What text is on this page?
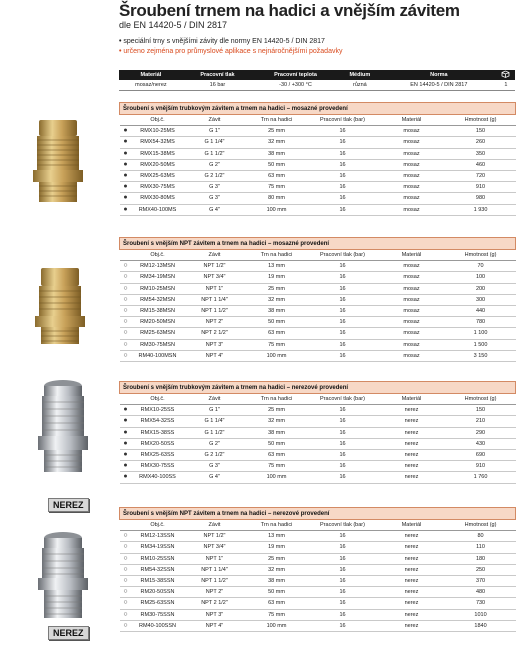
Šroubení trnem na hadici a vnějším závitem
dle EN 14420-5 / DIN 2817
• speciální trny s vnějšími závity dle normy EN 14420-5 / DIN 2817
• určeno zejména pro průmyslové aplikace s nejnáročnějšími požadavky
Materiál	Pracovní tlak	Pracovní teplota	Médium	Norma	
mosaz/nerez	16 bar	-30 / +300 °C	různá	EN 14420-5 / DIN 2817	1
Šroubení s vnějším trubkovým závitem a trnem na hadici – mosazné provedení						
	Obj.č.	Závit	Trn na hadici	Pracovní tlak (bar)	Materiál	Hmotnost (g)
●	RMX10-25MS	G 1"	25 mm	16	mosaz	150
●	RMX54-32MS	G 1 1/4"	32 mm	16	mosaz	260
●	RMX15-38MS	G 1 1/2"	38 mm	16	mosaz	350
●	RMX20-50MS	G 2"	50 mm	16	mosaz	460
●	RMX25-63MS	G 2 1/2"	63 mm	16	mosaz	720
●	RMX30-75MS	G 3"	75 mm	16	mosaz	910
●	RMX30-80MS	G 3"	80 mm	16	mosaz	980
●	RMX40-100MS	G 4"	100 mm	16	mosaz	1 930
Šroubení s vnějším NPT závitem a trnem na hadici – mosazné provedení						
	Obj.č.	Závit	Trn na hadici	Pracovní tlak (bar)	Materiál	Hmotnost (g)
○	RM12-13MSN	NPT 1/2"	13 mm	16	mosaz	70
○	RM34-19MSN	NPT 3/4"	19 mm	16	mosaz	100
○	RM10-25MSN	NPT 1"	25 mm	16	mosaz	200
○	RM54-32MSN	NPT 1 1/4"	32 mm	16	mosaz	300
○	RM15-38MSN	NPT 1 1/2"	38 mm	16	mosaz	440
○	RM20-50MSN	NPT 2"	50 mm	16	mosaz	780
○	RM25-63MSN	NPT 2 1/2"	63 mm	16	mosaz	1 100
○	RM30-75MSN	NPT 3"	75 mm	16	mosaz	1 500
○	RM40-100MSN	NPT 4"	100 mm	16	mosaz	3 150
Šroubení s vnějším trubkovým závitem a trnem na hadici – nerezové provedení						
	Obj.č.	Závit	Trn na hadici	Pracovní tlak (bar)	Materiál	Hmotnost (g)
●	RMX10-25SS	G 1"	25 mm	16	nerez	150
●	RMX54-32SS	G 1 1/4"	32 mm	16	nerez	210
●	RMX15-38SS	G 1 1/2"	38 mm	16	nerez	290
●	RMX20-50SS	G 2"	50 mm	16	nerez	430
●	RMX25-63SS	G 2 1/2"	63 mm	16	nerez	690
●	RMX30-75SS	G 3"	75 mm	16	nerez	910
●	RMX40-100SS	G 4"	100 mm	16	nerez	1 760
Šroubení s vnějším NPT závitem a trnem na hadici – nerezové provedení						
	Obj.č.	Závit	Trn na hadici	Pracovní tlak (bar)	Materiál	Hmotnost (g)
○	RM12-13SSN	NPT 1/2"	13 mm	16	nerez	80
○	RM34-19SSN	NPT 3/4"	19 mm	16	nerez	110
○	RM10-25SSN	NPT 1"	25 mm	16	nerez	180
○	RM54-32SSN	NPT 1 1/4"	32 mm	16	nerez	250
○	RM15-38SSN	NPT 1 1/2"	38 mm	16	nerez	370
○	RM20-50SSN	NPT 2"	50 mm	16	nerez	480
○	RM25-63SSN	NPT 2 1/2"	63 mm	16	nerez	730
○	RM30-75SSN	NPT 3"	75 mm	16	nerez	1010
○	RM40-100SSN	NPT 4"	100 mm	16	nerez	1840
NEREZ
NEREZ
